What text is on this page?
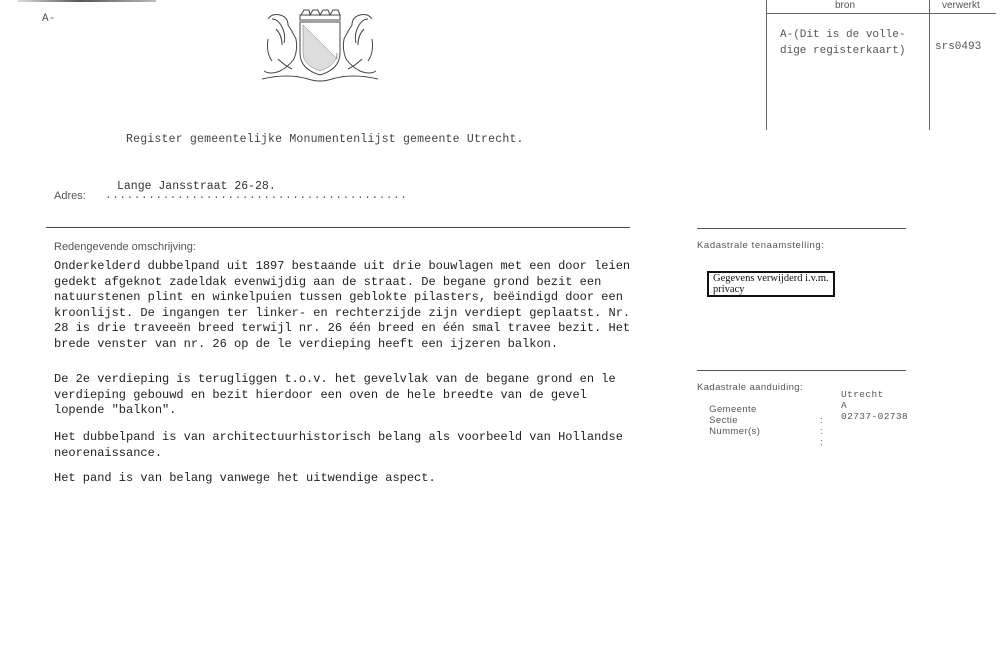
A-
bron	verwerkt
A-(Dit is de volle-
dige registerkaart)	srs0493
Register gemeentelijke Monumentenlijst gemeente Utrecht.
Lange Jansstraat 26-28.
Adres: ..........................................
Redengevende omschrijving:
Onderkelderd dubbelpand uit 1897 bestaande uit drie bouwlagen met een door leien
gedekt afgeknot zadeldak evenwijdig aan de straat. De begane grond bezit een
natuurstenen plint en winkelpuien tussen geblokte pilasters, beëindigd door een
kroonlijst. De ingangen ter linker- en rechterzijde zijn verdiept geplaatst. Nr.
28 is drie traveeën breed terwijl nr. 26 één breed en één smal travee bezit. Het
brede venster van nr. 26 op de le verdieping heeft een ijzeren balkon.
De 2e verdieping is terugliggen t.o.v. het gevelvlak van de begane grond en le
verdieping gebouwd en bezit hierdoor een oven de hele breedte van de gevel
lopende "balkon".
Het dubbelpand is van architectuurhistorisch belang als voorbeeld van Hollandse
neorenaissance.
Het pand is van belang vanwege het uitwendige aspect.
Kadastrale tenaamstelling:
Gegevens verwijderd i.v.m. privacy
Kadastrale aanduiding:

Gemeente

:

Sectie

:

Nummer(s)

:

Utrecht
A
02737-02738
